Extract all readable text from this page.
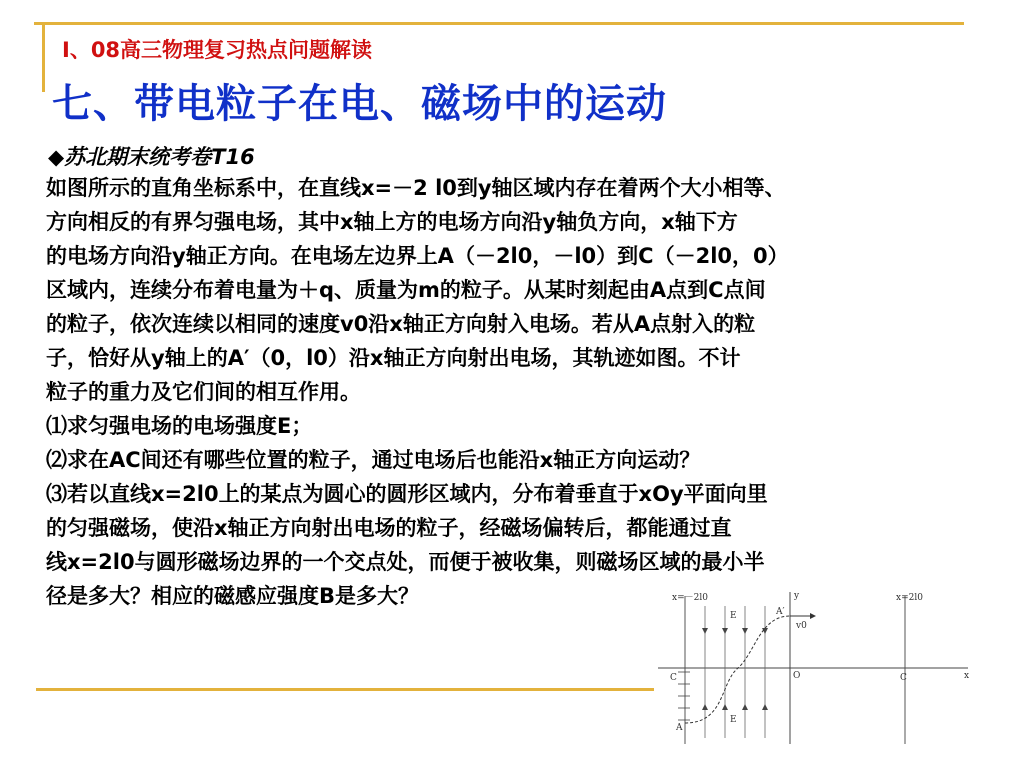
Ⅰ、08高三物理复习热点问题解读
七、带电粒子在电、磁场中的运动

◆苏北期末统考卷T16

如图所示的直角坐标系中，在直线x=－2 l0到y轴区域内存在着两个大小相等、

方向相反的有界匀强电场，其中x轴上方的电场方向沿y轴负方向，x轴下方

的电场方向沿y轴正方向。在电场左边界上A（－2l0，－l0）到C（－2l0，0）

区域内，连续分布着电量为＋q、质量为m的粒子。从某时刻起由A点到C点间

的粒子，依次连续以相同的速度v0沿x轴正方向射入电场。若从A点射入的粒

子，恰好从y轴上的A′（0，l0）沿x轴正方向射出电场，其轨迹如图。不计

粒子的重力及它们间的相互作用。

⑴求匀强电场的电场强度E；

⑵求在AC间还有哪些位置的粒子，通过电场后也能沿x轴正方向运动？

⑶若以直线x=2l0上的某点为圆心的圆形区域内，分布着垂直于xOy平面向里

的匀强磁场，使沿x轴正方向射出电场的粒子，经磁场偏转后，都能通过直

线x=2l0与圆形磁场边界的一个交点处，而便于被收集，则磁场区域的最小半

径是多大？相应的磁感应强度B是多大？	x=－2l0	x=2l0
y
x
E
E
A′
v0
C	C
A
O
